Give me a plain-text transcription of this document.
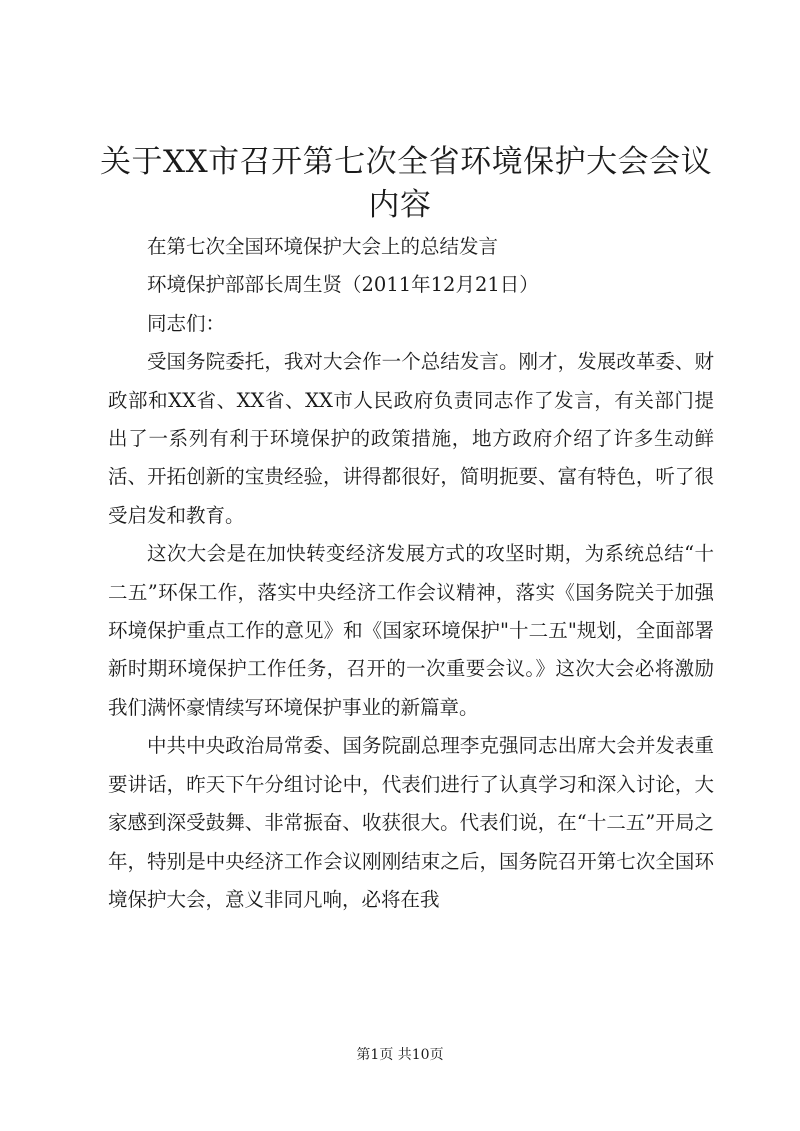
关于XX市召开第七次全省环境保护大会会议
内容

在第七次全国环境保护大会上的总结发言

环境保护部部长周生贤（2011年12月21日）

同志们：

受国务院委托，我对大会作一个总结发言。刚才，发展改革委、财政部和XX省、XX省、XX市人民政府负责同志作了发言，有关部门提出了一系列有利于环境保护的政策措施，地方政府介绍了许多生动鲜活、开拓创新的宝贵经验，讲得都很好，简明扼要、富有特色，听了很受启发和教育。

这次大会是在加快转变经济发展方式的攻坚时期，为系统总结“十二五”环保工作，落实中央经济工作会议精神，落实《国务院关于加强环境保护重点工作的意见》和《国家环境保护"十二五"规划，全面部署新时期环境保护工作任务，召开的一次重要会议。》这次大会必将激励我们满怀豪情续写环境保护事业的新篇章。

中共中央政治局常委、国务院副总理李克强同志出席大会并发表重要讲话，昨天下午分组讨论中，代表们进行了认真学习和深入讨论，大家感到深受鼓舞、非常振奋、收获很大。代表们说，在“十二五”开局之年，特别是中央经济工作会议刚刚结束之后，国务院召开第七次全国环境保护大会，意义非同凡响，必将在我

第1页 共10页
